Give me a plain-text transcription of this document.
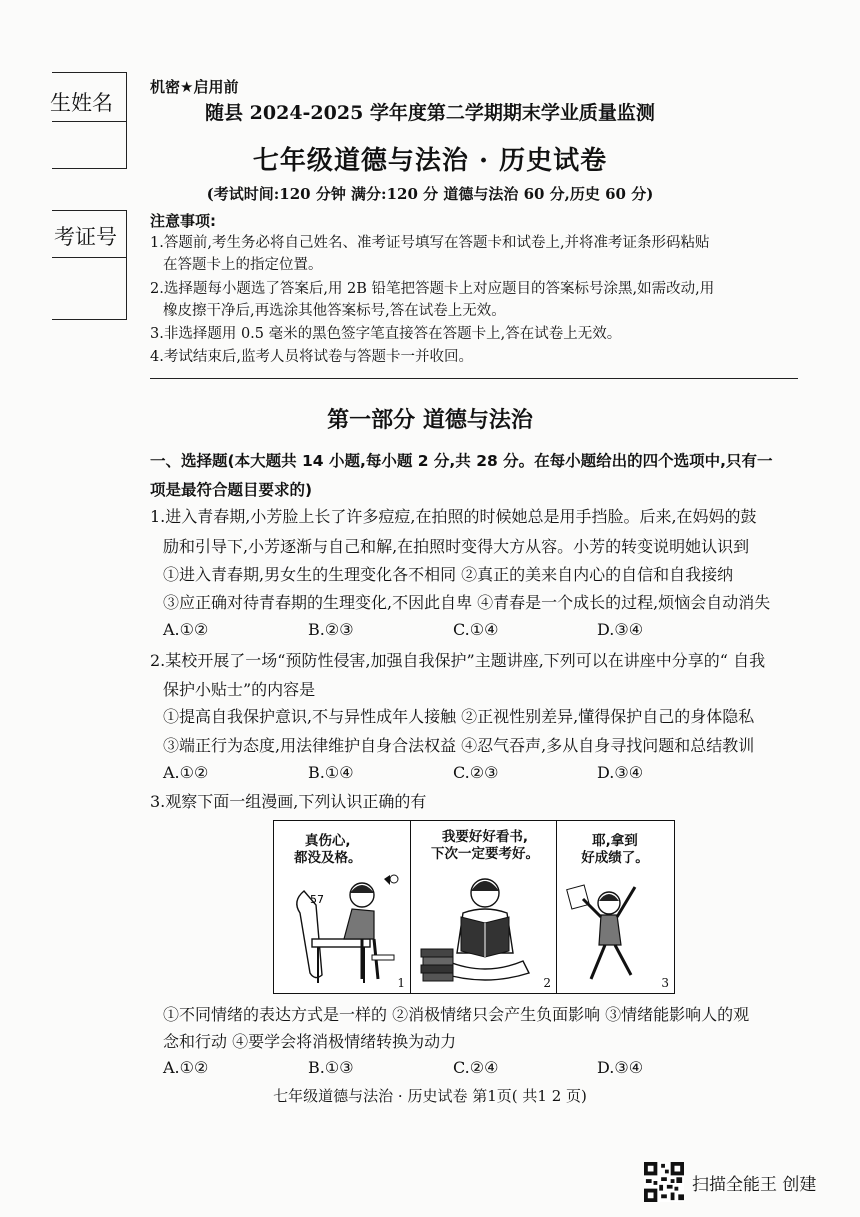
生姓名
考证号
机密★启用前
随县 2024-2025 学年度第二学期期末学业质量监测
七年级道德与法治 · 历史试卷
(考试时间:120 分钟 满分:120 分 道德与法治 60 分,历史 60 分)
注意事项:
1.答题前,考生务必将自己姓名、准考证号填写在答题卡和试卷上,并将准考证条形码粘贴
在答题卡上的指定位置。
2.选择题每小题选了答案后,用 2B 铅笔把答题卡上对应题目的答案标号涂黑,如需改动,用
橡皮擦干净后,再选涂其他答案标号,答在试卷上无效。
3.非选择题用 0.5 毫米的黑色签字笔直接答在答题卡上,答在试卷上无效。
4.考试结束后,监考人员将试卷与答题卡一并收回。
第一部分 道德与法治
一、选择题(本大题共 14 小题,每小题 2 分,共 28 分。在每小题给出的四个选项中,只有一
项是最符合题目要求的)
1.进入青春期,小芳脸上长了许多痘痘,在拍照的时候她总是用手挡脸。后来,在妈妈的鼓
励和引导下,小芳逐渐与自己和解,在拍照时变得大方从容。小芳的转变说明她认识到
①进入青春期,男女生的生理变化各不相同 ②真正的美来自内心的自信和自我接纳
③应正确对待青春期的生理变化,不因此自卑 ④青春是一个成长的过程,烦恼会自动消失
A.①②	B.②③	C.①④	D.③④
2.某校开展了一场“预防性侵害,加强自我保护”主题讲座,下列可以在讲座中分享的“ 自我
保护小贴士”的内容是
①提高自我保护意识,不与异性成年人接触 ②正视性别差异,懂得保护自己的身体隐私
③端正行为态度,用法律维护自身合法权益 ④忍气吞声,多从自身寻找问题和总结教训
A.①②	B.①④	C.②③	D.③④
3.观察下面一组漫画,下列认识正确的有
真伤心,
都没及格。
57
1
我要好好看书,
下次一定要考好。
2
耶,拿到
好成绩了。
3
①不同情绪的表达方式是一样的 ②消极情绪只会产生负面影响 ③情绪能影响人的观
念和行动 ④要学会将消极情绪转换为动力
A.①②	B.①③	C.②④	D.③④
七年级道德与法治 · 历史试卷 第1页( 共1 2 页)
扫描全能王 创建
